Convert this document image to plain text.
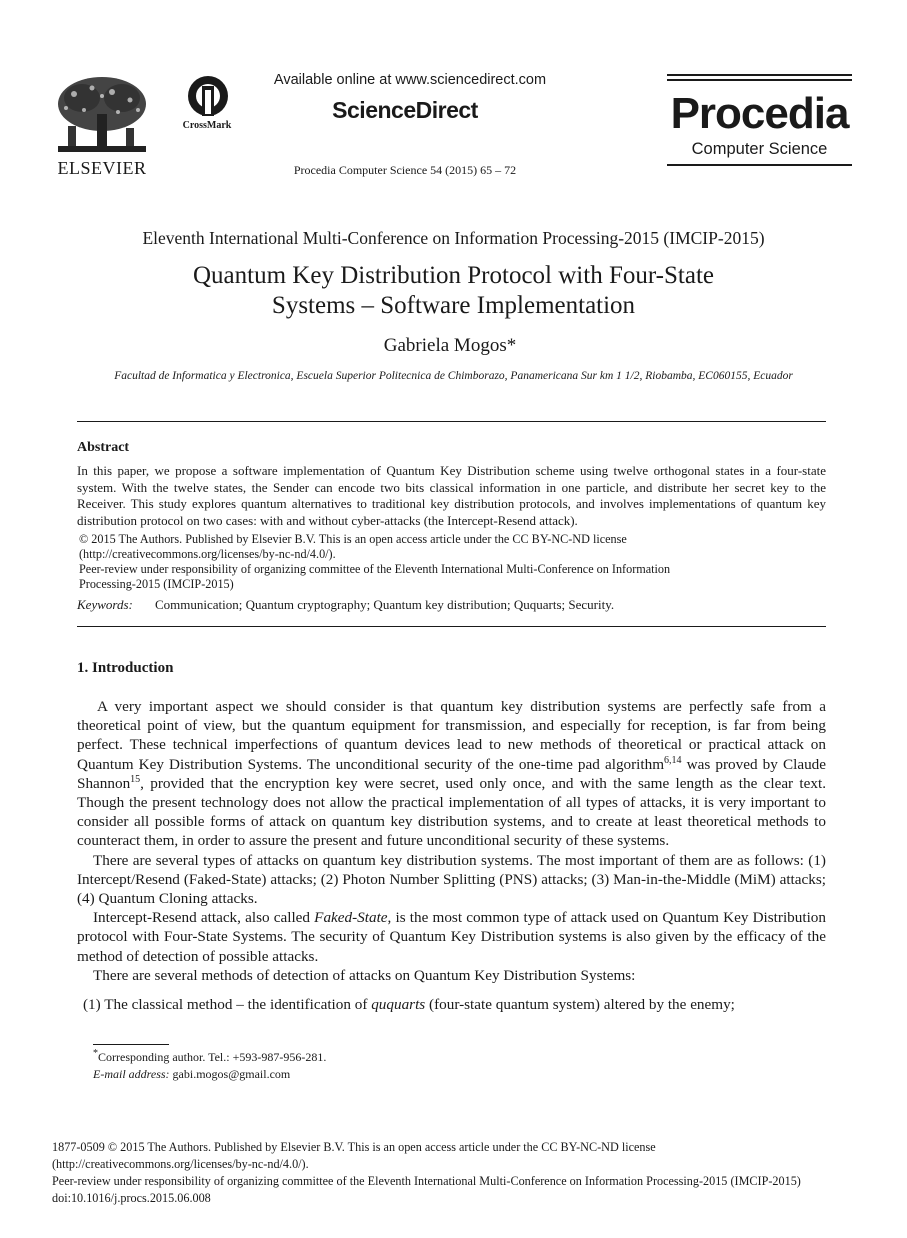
ELSEVIER
CrossMark
Available online at www.sciencedirect.com
ScienceDirect
Procedia Computer Science 54 (2015) 65 – 72
Procedia
Computer Science
Eleventh International Multi-Conference on Information Processing-2015 (IMCIP-2015)
Quantum Key Distribution Protocol with Four-State
Systems – Software Implementation
Gabriela Mogos*
Facultad de Informatica y Electronica, Escuela Superior Politecnica de Chimborazo, Panamericana Sur km 1 1/2, Riobamba, EC060155, Ecuador
Abstract
In this paper, we propose a software implementation of Quantum Key Distribution scheme using twelve orthogonal states in a four-state system. With the twelve states, the Sender can encode two bits classical information in one particle, and distribute her secret key to the Receiver. This study explores quantum alternatives to traditional key distribution protocols, and involves implementations of quantum key distribution protocol on two cases: with and without cyber-attacks (the Intercept-Resend attack).
© 2015 The Authors. Published by Elsevier B.V. This is an open access article under the CC BY-NC-ND license
(http://creativecommons.org/licenses/by-nc-nd/4.0/).
Peer-review under responsibility of organizing committee of the Eleventh International Multi-Conference on Information
Processing-2015 (IMCIP-2015)
Keywords: Communication; Quantum cryptography; Quantum key distribution; Ququarts; Security.
1. Introduction

A very important aspect we should consider is that quantum key distribution systems are perfectly safe from a theoretical point of view, but the quantum equipment for transmission, and especially for reception, is far from being perfect. These technical imperfections of quantum devices lead to new methods of theoretical or practical attack on Quantum Key Distribution Systems. The unconditional security of the one-time pad algorithm$^{6,14}$ was proved by Claude Shannon$^{15}$, provided that the encryption key were secret, used only once, and with the same length as the clear text. Though the present technology does not allow the practical implementation of all types of attacks, it is very important to consider all possible forms of attack on quantum key distribution systems, and to create at least theoretical methods to counteract them, in order to assure the present and future unconditional security of these systems.

There are several types of attacks on quantum key distribution systems. The most important of them are as follows: (1) Intercept/Resend (Faked-State) attacks; (2) Photon Number Splitting (PNS) attacks; (3) Man-in-the-Middle (MiM) attacks; (4) Quantum Cloning attacks.

Intercept-Resend attack, also called Faked-State, is the most common type of attack used on Quantum Key Distribution protocol with Four-State Systems. The security of Quantum Key Distribution systems is also given by the efficacy of the method of detection of possible attacks.

There are several methods of detection of attacks on Quantum Key Distribution Systems:

(1) The classical method – the identification of ququarts (four-state quantum system) altered by the enemy;

*Corresponding author. Tel.: +593-987-956-281.
E-mail address: gabi.mogos@gmail.com
1877-0509 © 2015 The Authors. Published by Elsevier B.V. This is an open access article under the CC BY-NC-ND license
(http://creativecommons.org/licenses/by-nc-nd/4.0/).
Peer-review under responsibility of organizing committee of the Eleventh International Multi-Conference on Information Processing-2015 (IMCIP-2015)
doi:10.1016/j.procs.2015.06.008
